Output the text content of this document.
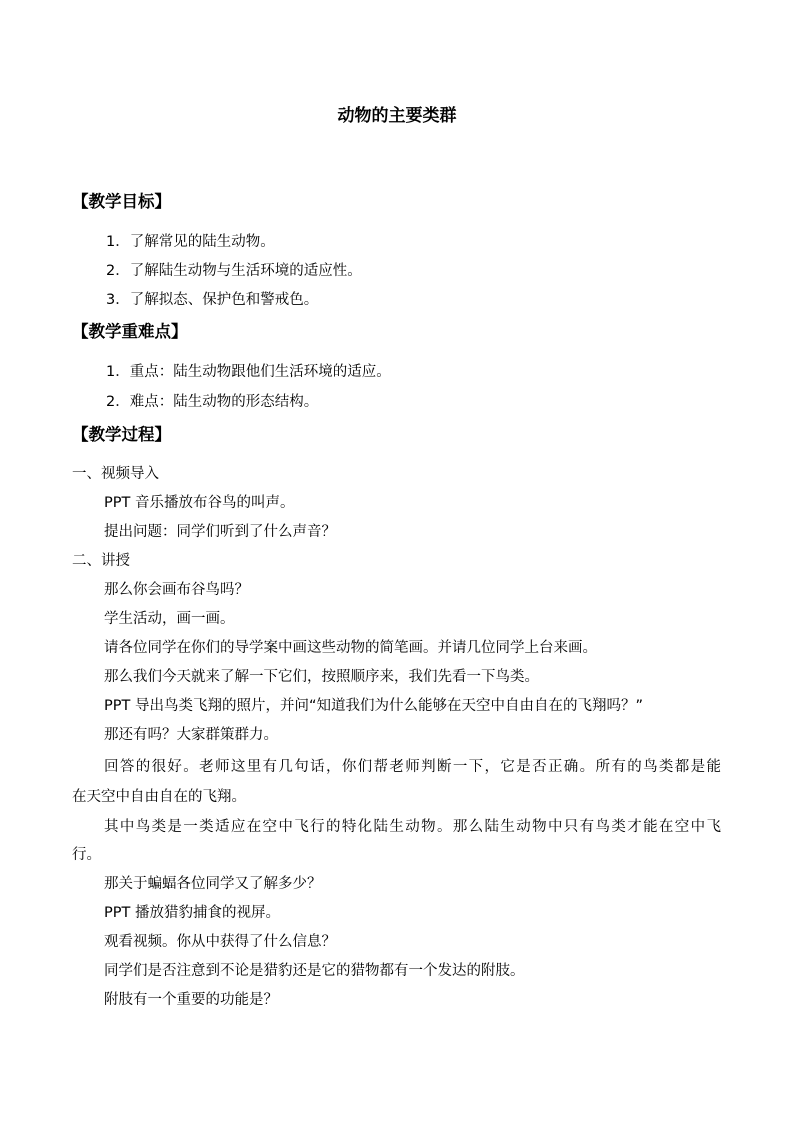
动物的主要类群
【教学目标】
1．了解常见的陆生动物。
2．了解陆生动物与生活环境的适应性。
3．了解拟态、保护色和警戒色。
【教学重难点】
1．重点：陆生动物跟他们生活环境的适应。
2．难点：陆生动物的形态结构。
【教学过程】
一、视频导入
PPT 音乐播放布谷鸟的叫声。
提出问题：同学们听到了什么声音？
二、讲授
那么你会画布谷鸟吗？
学生活动，画一画。
请各位同学在你们的导学案中画这些动物的简笔画。并请几位同学上台来画。
那么我们今天就来了解一下它们，按照顺序来，我们先看一下鸟类。
PPT 导出鸟类飞翔的照片，并问“知道我们为什么能够在天空中自由自在的飞翔吗？”
那还有吗？大家群策群力。
回答的很好。老师这里有几句话，你们帮老师判断一下，它是否正确。所有的鸟类都是能
在天空中自由自在的飞翔。
其中鸟类是一类适应在空中飞行的特化陆生动物。那么陆生动物中只有鸟类才能在空中飞
行。
那关于蝙蝠各位同学又了解多少？
PPT 播放猎豹捕食的视屏。
观看视频。你从中获得了什么信息？
同学们是否注意到不论是猎豹还是它的猎物都有一个发达的附肢。
附肢有一个重要的功能是？
